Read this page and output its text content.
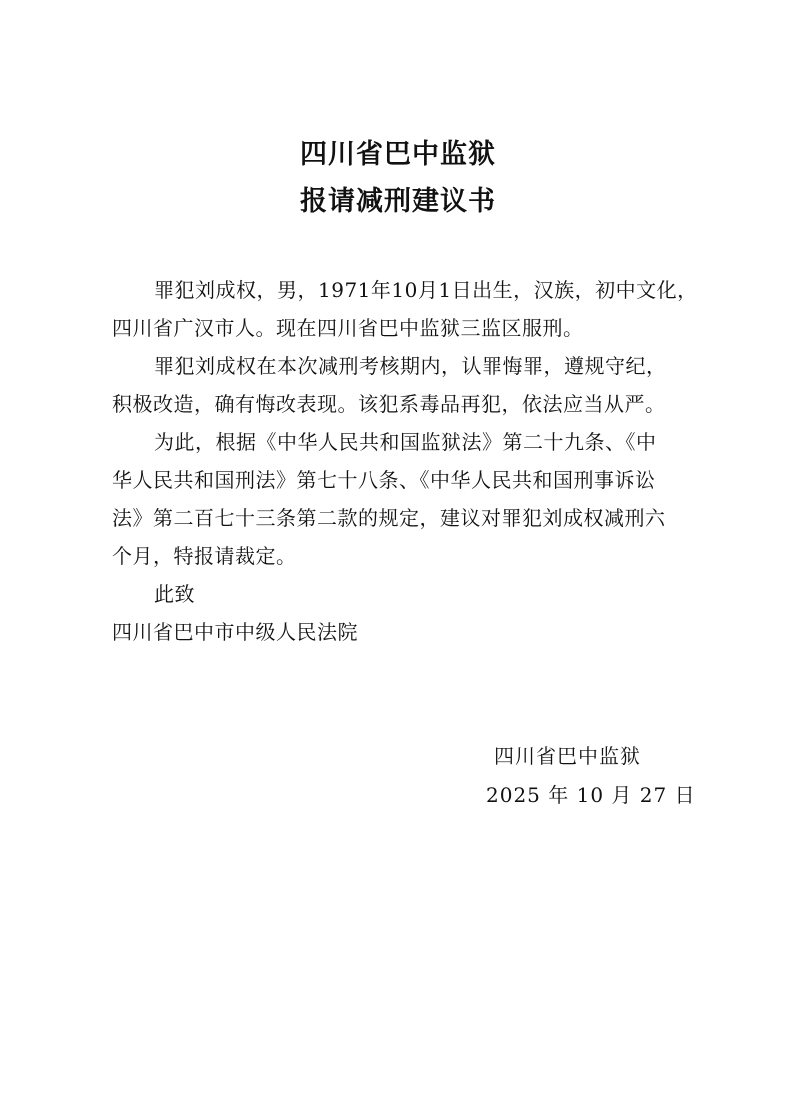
四川省巴中监狱
报请减刑建议书
罪犯刘成权，男，1971年10月1日出生，汉族，初中文化，
四川省广汉市人。现在四川省巴中监狱三监区服刑。
罪犯刘成权在本次减刑考核期内，认罪悔罪，遵规守纪，
积极改造，确有悔改表现。该犯系毒品再犯，依法应当从严。
为此，根据《中华人民共和国监狱法》第二十九条、《中
华人民共和国刑法》第七十八条、《中华人民共和国刑事诉讼
法》第二百七十三条第二款的规定，建议对罪犯刘成权减刑六
个月，特报请裁定。
此致
四川省巴中市中级人民法院
四川省巴中监狱
2025 年 10 月 27 日
